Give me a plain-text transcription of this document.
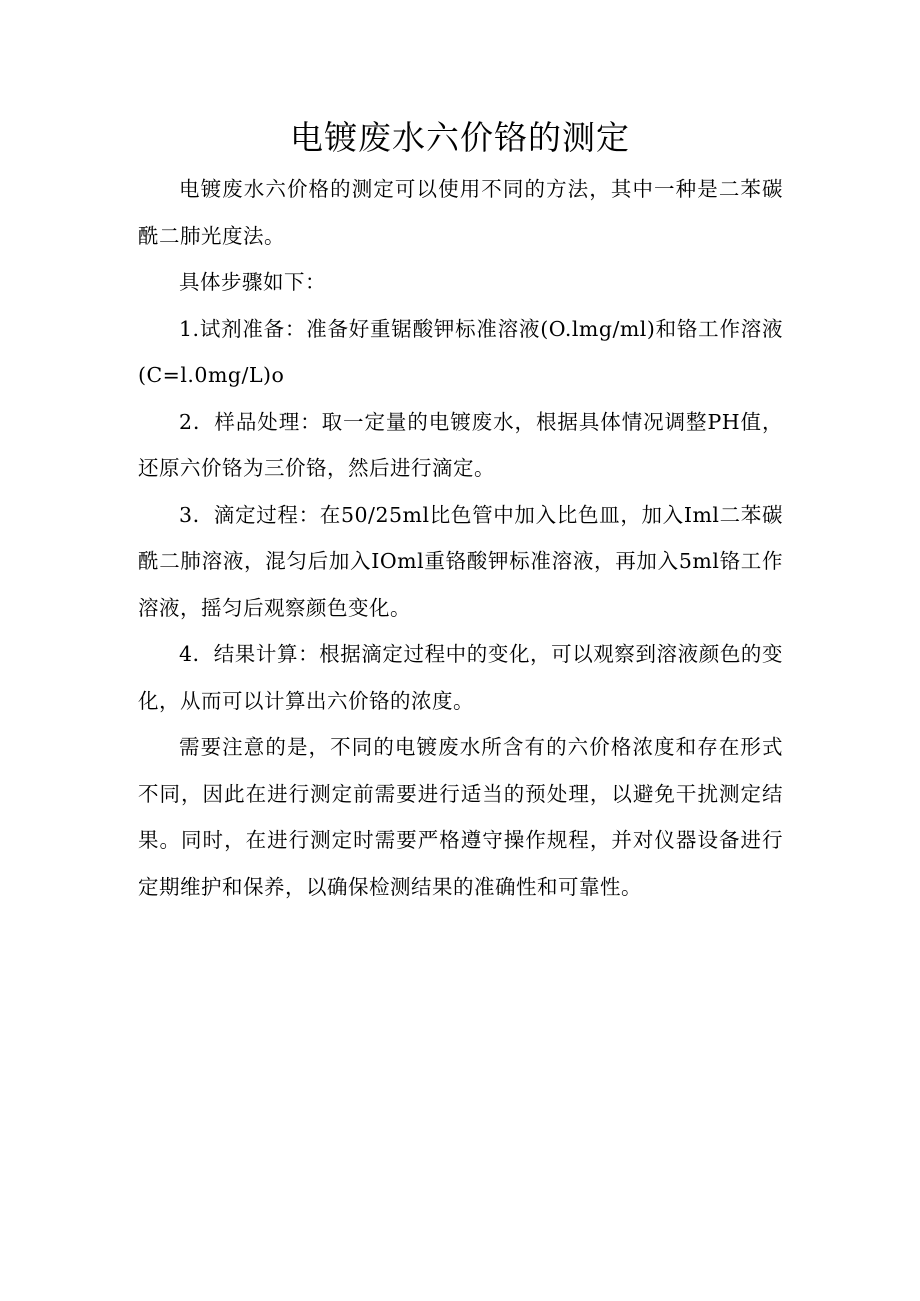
电镀废水六价铬的测定

电镀废水六价格的测定可以使用不同的方法，其中一种是二苯碳酰二肺光度法。

具体步骤如下：

1.试剂准备：准备好重锯酸钾标准溶液(O.lmg∕ml)和铬工作溶液(C=l.0mg∕L)o

2．样品处理：取一定量的电镀废水，根据具体情况调整PH值，还原六价铬为三价铬，然后进行滴定。

3．滴定过程：在50∕25ml比色管中加入比色皿，加入Iml二苯碳酰二肺溶液，混匀后加入IOml重铬酸钾标准溶液，再加入5ml铬工作溶液，摇匀后观察颜色变化。

4．结果计算：根据滴定过程中的变化，可以观察到溶液颜色的变化，从而可以计算出六价铬的浓度。

需要注意的是，不同的电镀废水所含有的六价格浓度和存在形式不同，因此在进行测定前需要进行适当的预处理，以避免干扰测定结果。同时，在进行测定时需要严格遵守操作规程，并对仪器设备进行定期维护和保养，以确保检测结果的准确性和可靠性。
